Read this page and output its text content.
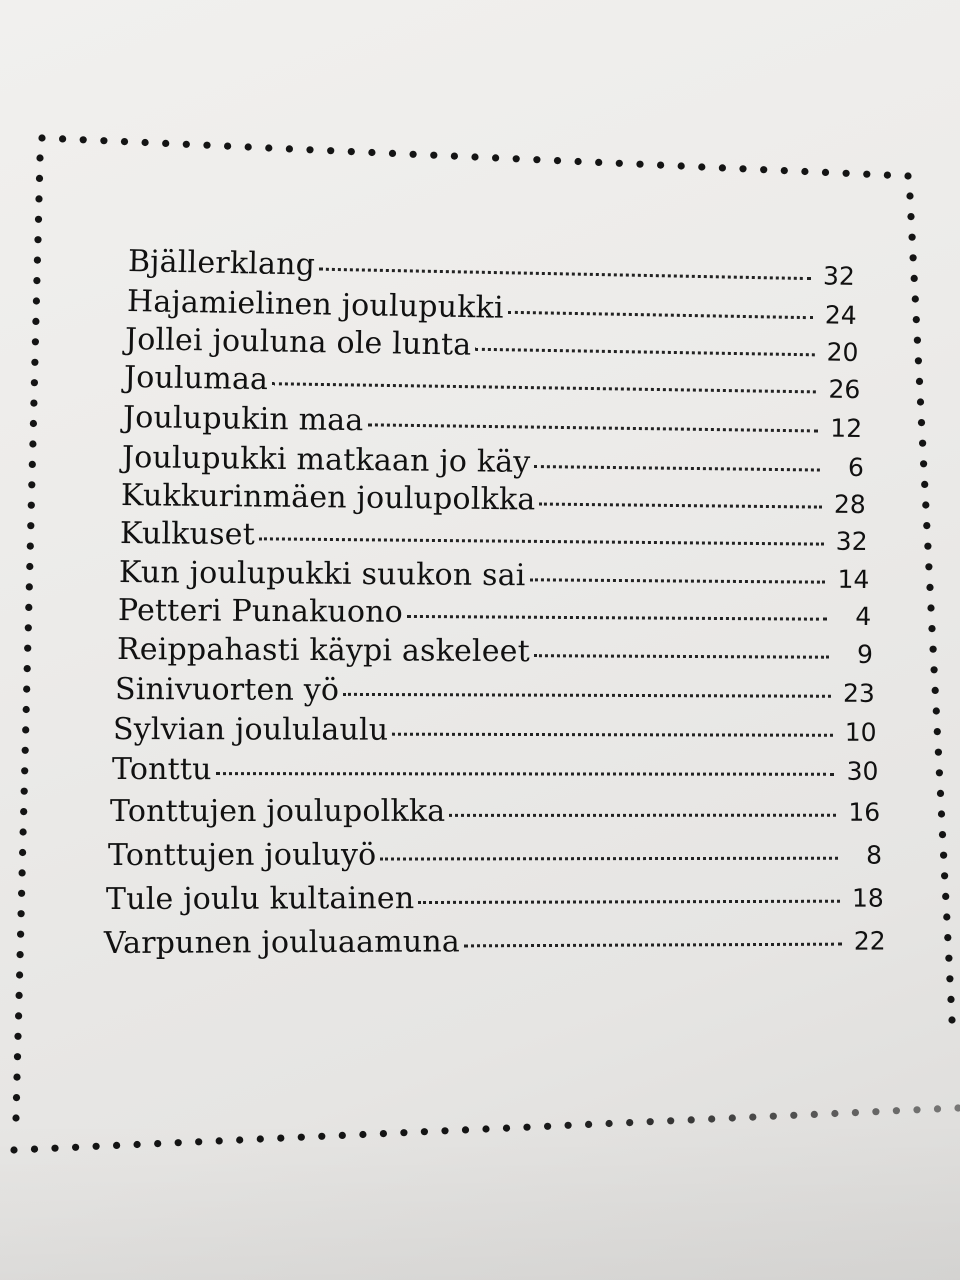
Bjällerklang	32
Hajamielinen joulupukki	24
Jollei jouluna ole lunta	20
Joulumaa	26
Joulupukin maa	12
Joulupukki matkaan jo käy	6
Kukkurinmäen joulupolkka	28
Kulkuset	32
Kun joulupukki suukon sai	14
Petteri Punakuono	4
Reippahasti käypi askeleet	9
Sinivuorten yö	23
Sylvian joululaulu	10
Tonttu	30
Tonttujen joulupolkka	16
Tonttujen jouluyö	8
Tule joulu kultainen	18
Varpunen jouluaamuna	22
